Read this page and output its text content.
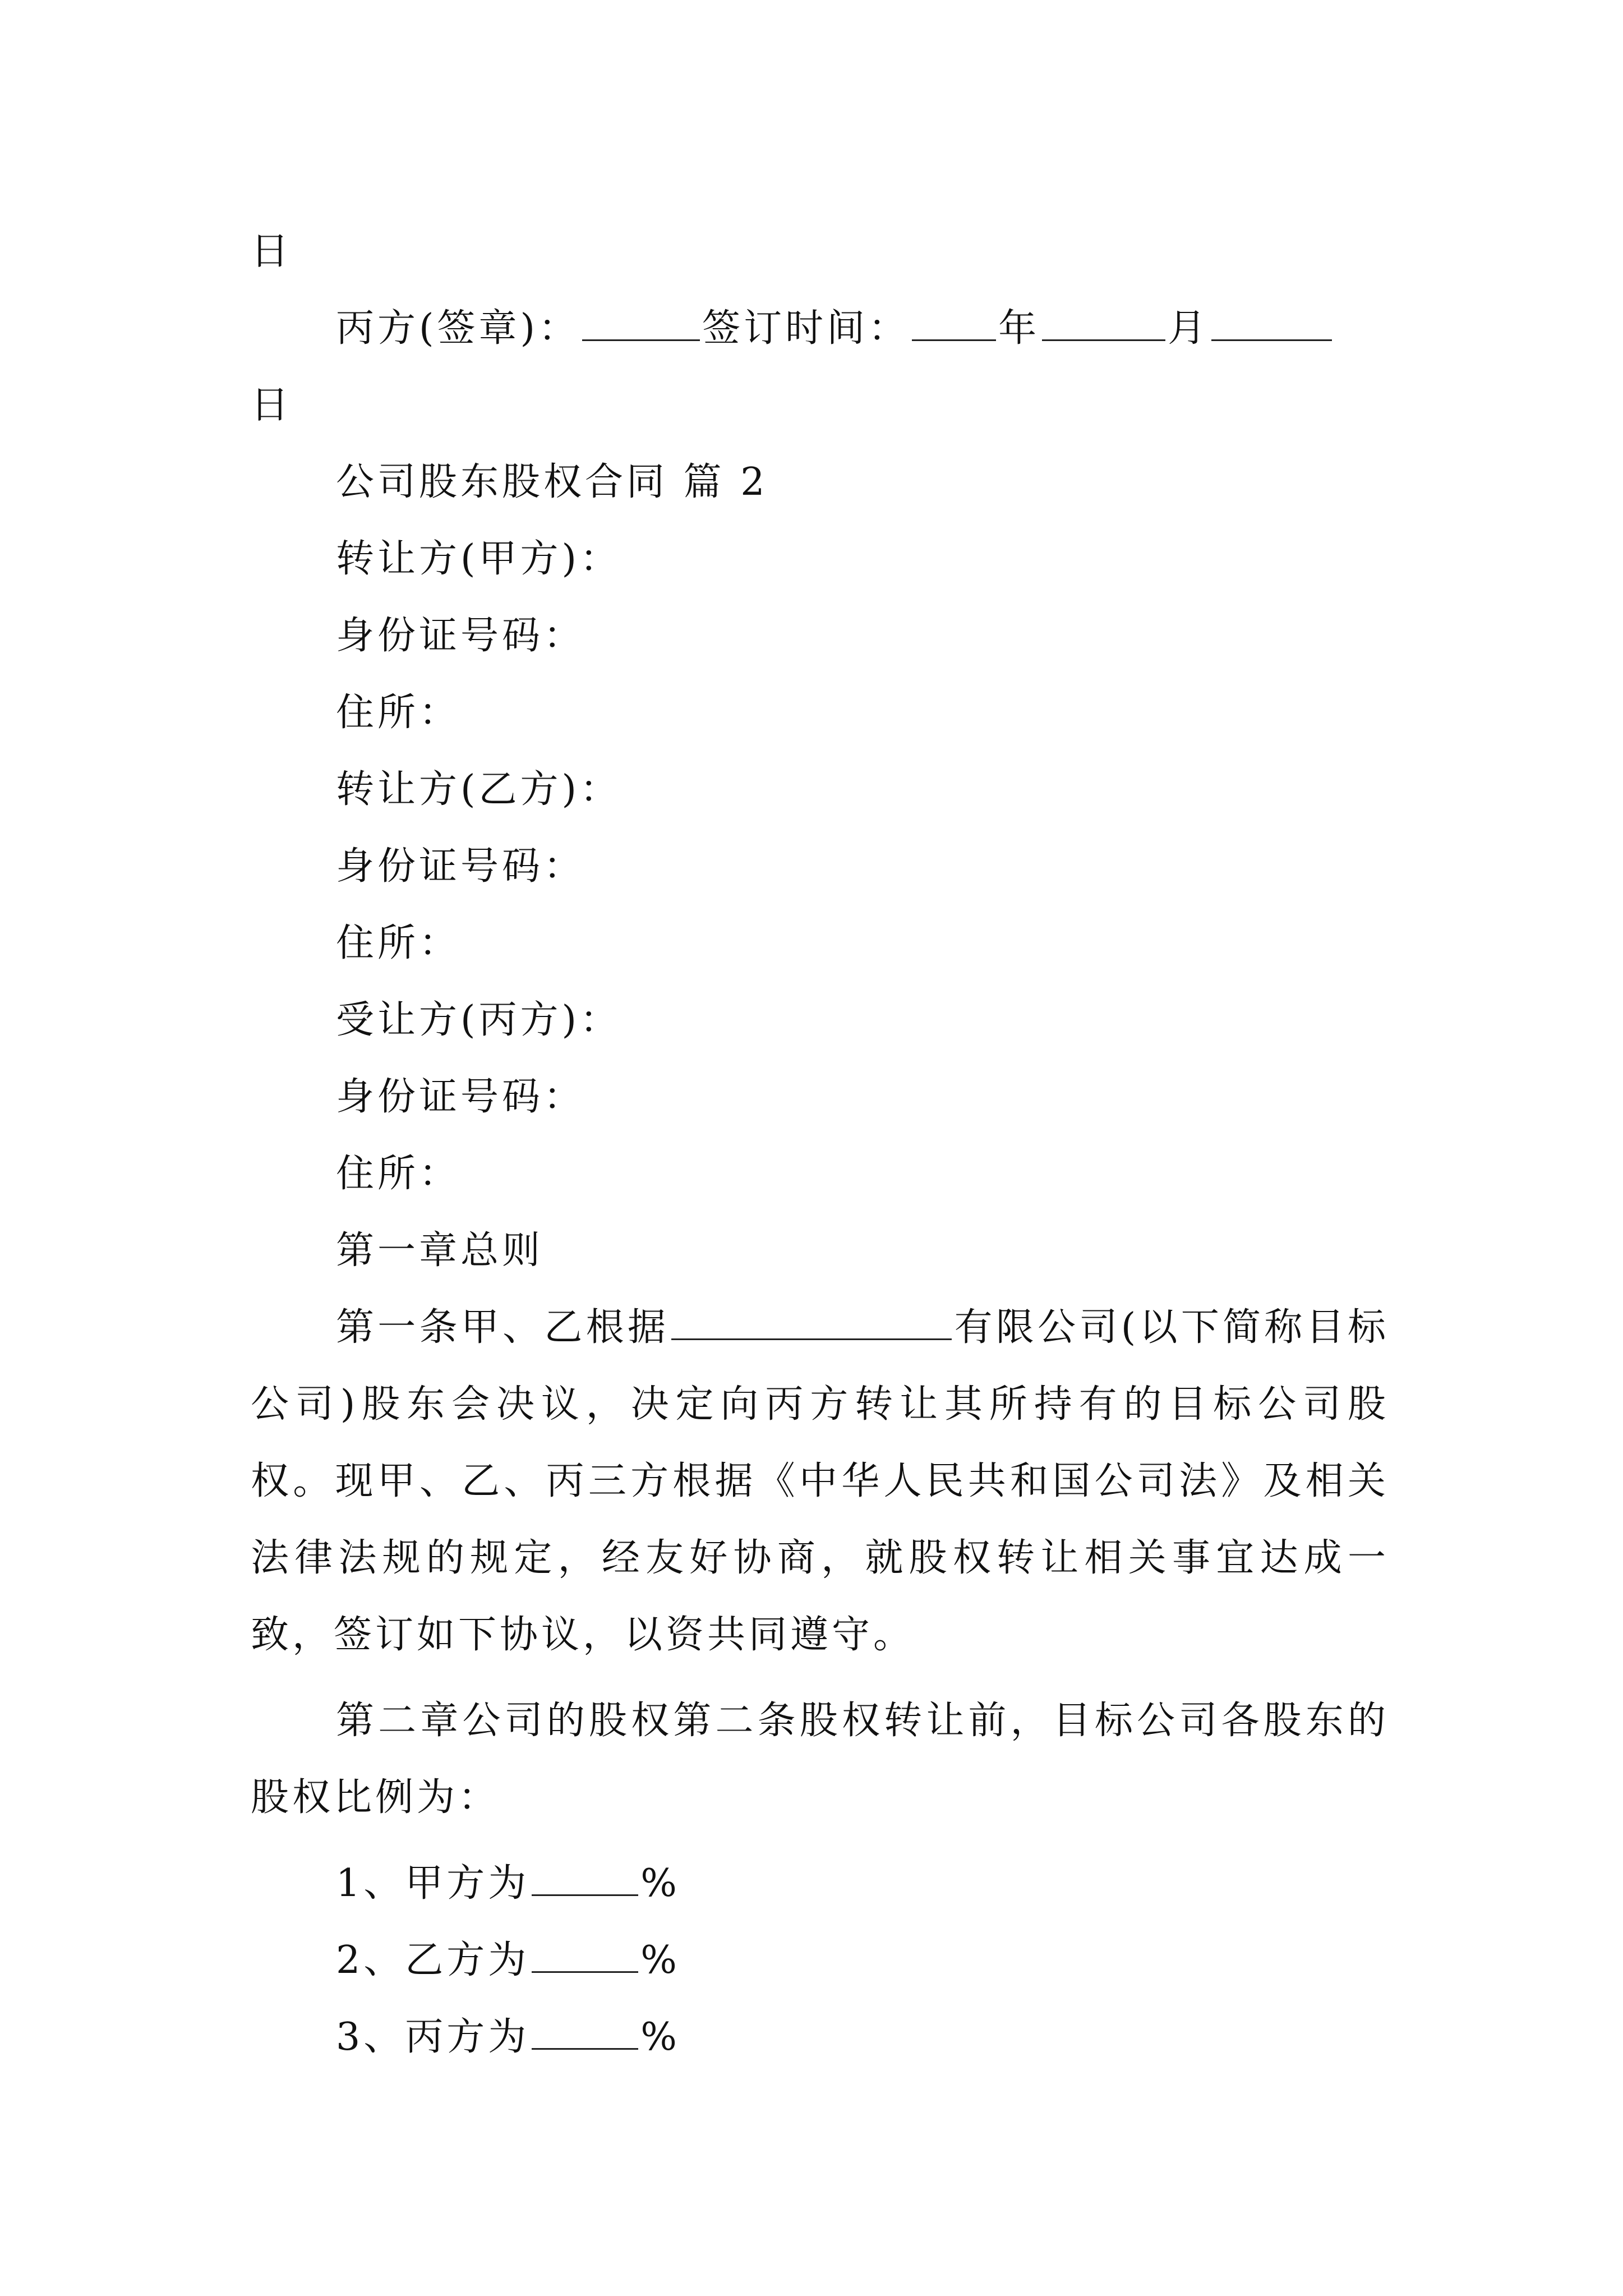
日
丙方(签章)：	签订时间： 年	月
日
公司股东股权合同 篇 2
转让方(甲方)：
身份证号码：
住所：
转让方(乙方)：
身份证号码：
住所：
受让方(丙方)：
身份证号码：
住所：
第一章总则

第一条甲、乙根据	有限公司(以下简称目标公司)股东会决议，决定向丙方转让其所持有的目标公司股权。现甲、乙、丙三方根据《中华人民共和国公司法》及相关法律法规的规定，经友好协商，就股权转让相关事宜达成一致，签订如下协议，以资共同遵守。

第二章公司的股权第二条股权转让前，目标公司各股东的股权比例为：

1、甲方为	%
2、乙方为	%
3、丙方为	%
